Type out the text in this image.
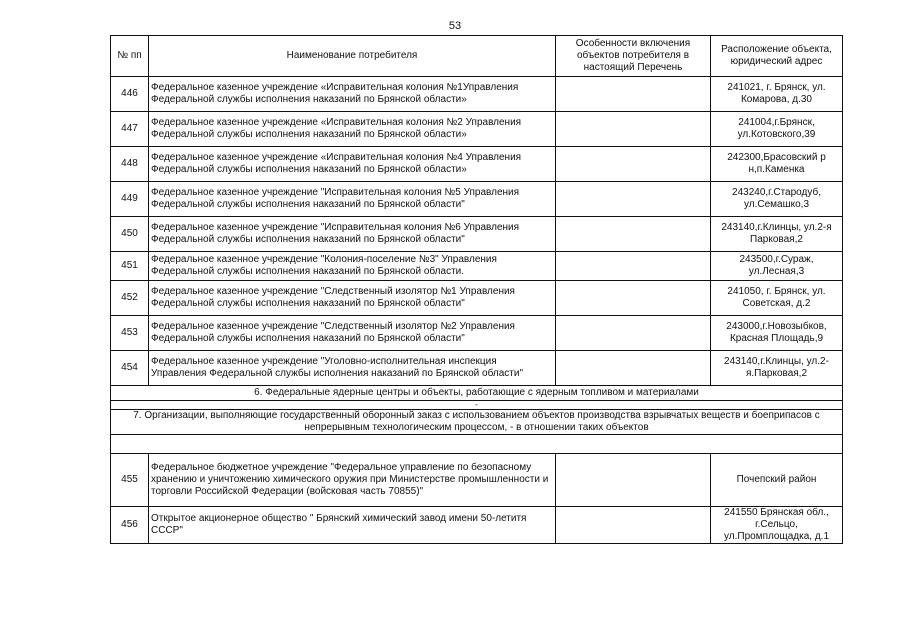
53
№ пп	Наименование потребителя	Особенности включения объектов потребителя в настоящий Перечень	Расположение объекта, юридический адрес
446	Федеральное казенное учреждение «Исправительная колония №1Управления Федеральной службы исполнения наказаний по Брянской области»		241021, г. Брянск, ул. Комарова, д.30
447	Федеральное казенное учреждение «Исправительная колония №2 Управления Федеральной службы исполнения наказаний по Брянской области»		241004,г.Брянск, ул.Котовского,39
448	Федеральное казенное учреждение «Исправительная колония №4 Управления Федеральной службы исполнения наказаний по Брянской области»		242300,Брасовский р н,п.Каменка
449	Федеральное казенное учреждение "Исправительная колония №5 Управления Федеральной службы исполнения наказаний по Брянской области"		243240,г.Стародуб, ул.Семашко,3
450	Федеральное казенное учреждение "Исправительная колония №6 Управления Федеральной службы исполнения наказаний по Брянской области"		243140,г.Клинцы, ул.2-я Парковая,2
451	Федеральное казенное учреждение "Колония-поселение №3" Управления Федеральной службы исполнения наказаний по Брянской области.		243500,г.Сураж, ул.Лесная,3
452	Федеральное казенное учреждение "Следственный изолятор №1 Управления Федеральной службы исполнения наказаний по Брянской области"		241050, г. Брянск, ул. Советская, д.2
453	Федеральное казенное учреждение "Следственный изолятор №2 Управления Федеральной службы исполнения наказаний по Брянской области"		243000,г.Новозыбков, Красная Площадь,9
454	Федеральное казенное учреждение "Уголовно-исполнительная инспекция Управления Федеральной службы исполнения наказаний по Брянской области"		243140,г.Клинцы, ул.2-я.Парковая,2
6. Федеральные ядерные центры и объекты, работающие с ядерным топливом и материалами			
-			
7. Организации, выполняющие государственный оборонный заказ с использованием объектов производства взрывчатых веществ и боеприпасов с непрерывным технологическим процессом, - в отношении таких объектов			

455	Федеральное бюджетное учреждение "Федеральное управление по безопасному хранению и уничтожению химического оружия при Министерстве промышленности и торговли Российской Федерации (войсковая часть 70855)"		Почепский район
456	Открытое акционерное общество " Брянский химический завод имени 50-летитя СССР"		241550 Брянская обл., г.Сельцо, ул.Промплощадка, д.1
